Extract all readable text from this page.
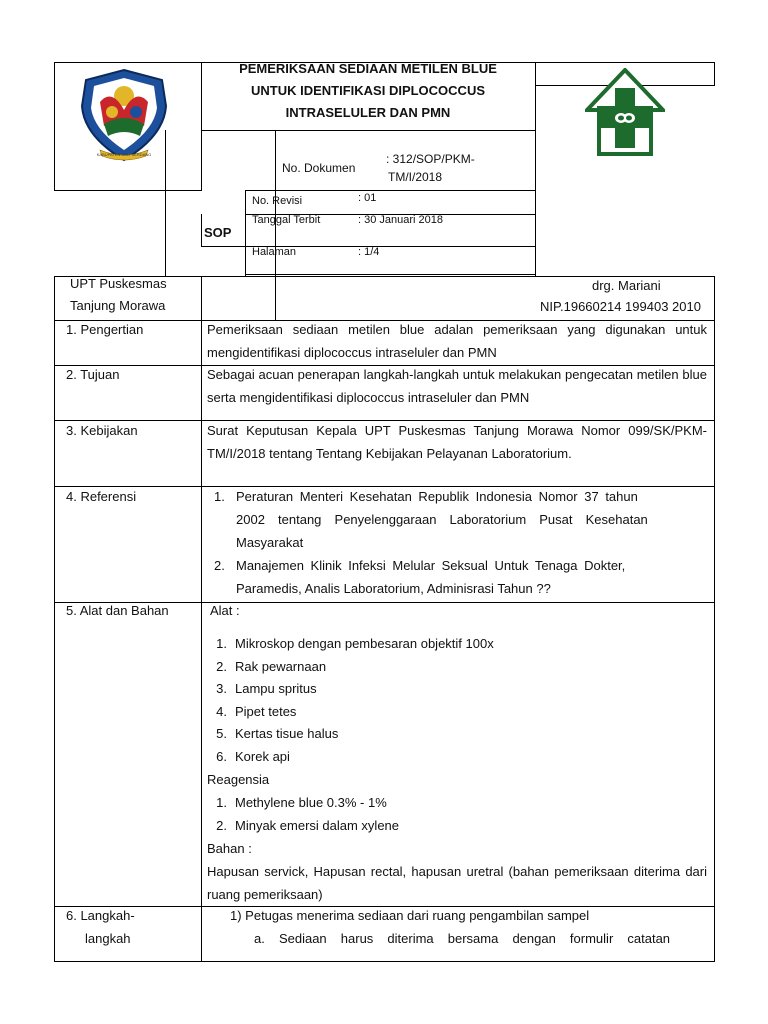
KABUPATEN DELI SERDANG
PEMERIKSAAN SEDIAAN METILEN BLUE
UNTUK IDENTIFIKASI DIPLOCOCCUS
INTRASELULER DAN PMN
No. Dokumen
: 312/SOP/PKM-
TM/I/2018
SOP
No. Revisi	: 01
Tanggal Terbit	: 30 Januari 2018
Halaman	: 1/4
UPT Puskesmas
Tanjung Morawa
drg. Mariani
NIP.19660214 199403 2010
1. Pengertian	Pemeriksaan sediaan metilen blue adalan pemeriksaan yang digunakan untuk mengidentifikasi diplococcus intraseluler dan PMN
2. Tujuan	Sebagai acuan penerapan langkah-langkah untuk melakukan pengecatan metilen blue serta mengidentifikasi diplococcus intraseluler dan PMN
3. Kebijakan	Surat Keputusan Kepala UPT Puskesmas Tanjung Morawa Nomor 099/SK/PKM-TM/I/2018 tentang Tentang Kebijakan Pelayanan Laboratorium.
4. Referensi	1. Peraturan Menteri Kesehatan Republik Indonesia Nomor 37 tahun
2002 tentang Penyelenggaraan Laboratorium Pusat Kesehatan
Masyarakat
2. Manajemen Klinik Infeksi Melular Seksual Untuk Tenaga Dokter,
Paramedis, Analis Laboratorium, Adminisrasi Tahun ??
5. Alat dan Bahan	Alat :
1. Mikroskop dengan pembesaran objektif 100x
2. Rak pewarnaan
3. Lampu spritus
4. Pipet tetes
5. Kertas tisue halus
6. Korek api
Reagensia
1. Methylene blue 0.3% - 1%
2. Minyak emersi dalam xylene
Bahan :
Hapusan servick, Hapusan rectal, hapusan uretral (bahan pemeriksaan diterima dari ruang pemeriksaan)
6. Langkah-
langkah
1) Petugas menerima sediaan dari ruang pengambilan sampel
a. Sediaan harus diterima bersama dengan formulir catatan
